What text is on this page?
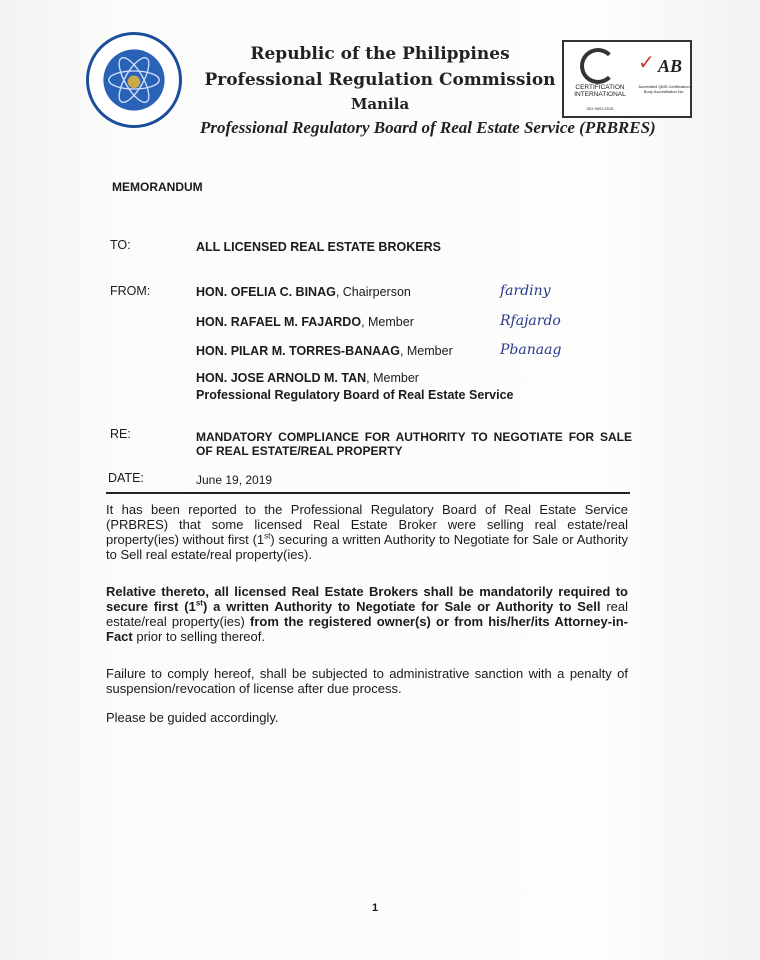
Republic of the Philippines
Professional Regulation Commission
Manila
Professional Regulatory Board of Real Estate Service (PRBRES)
CERTIFICATION INTERNATIONAL
ISO 9001:2015
✓ AB
Accredited QMS Certification Body Accreditation No.
MEMORANDUM
TO:	ALL LICENSED REAL ESTATE BROKERS
FROM:	HON. OFELIA C. BINAG, Chairperson
HON. RAFAEL M. FAJARDO, Member
HON. PILAR M. TORRES-BANAAG, Member
HON. JOSE ARNOLD M. TAN, Member
Professional Regulatory Board of Real Estate Service
fardiny
Rfajardo
Pbanaag
RE:	MANDATORY COMPLIANCE FOR AUTHORITY TO NEGOTIATE FOR SALE OF REAL ESTATE/REAL PROPERTY
DATE:	June 19, 2019
It has been reported to the Professional Regulatory Board of Real Estate Service (PRBRES) that some licensed Real Estate Broker were selling real estate/real property(ies) without first (1st) securing a written Authority to Negotiate for Sale or Authority to Sell real estate/real property(ies).
Relative thereto, all licensed Real Estate Brokers shall be mandatorily required to secure first (1st) a written Authority to Negotiate for Sale or Authority to Sell real estate/real property(ies) from the registered owner(s) or from his/her/its Attorney-in-Fact prior to selling thereof.
Failure to comply hereof, shall be subjected to administrative sanction with a penalty of suspension/revocation of license after due process.
Please be guided accordingly.
1
